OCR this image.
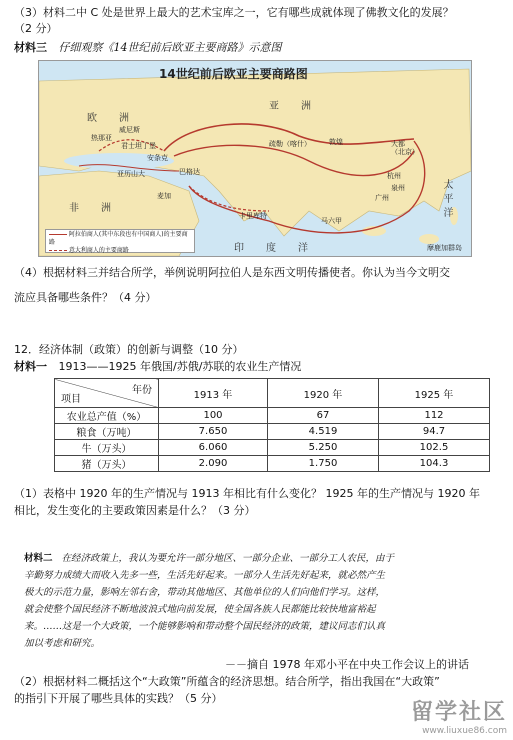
（3）材料二中 C 处是世界上最大的艺术宝库之一，它有哪些成就体现了佛教文化的发展？
（2 分）
材料三 仔细观察《14世纪前后欧亚主要商路》示意图
14世纪前后欧亚主要商路图
亚　洲
欧　洲
非　洲	太平洋
印　度　洋
威尼斯
热那亚
君士坦丁堡
亚历山大
安条克
巴格达
麦加
卡里库特
疏勒（喀什）	敦煌	大都
（北京）
杭州
泉州
广州
马六甲
摩鹿加群岛
阿拉伯商人(其中东段也有中国商人)的主要商路
意大利商人的主要商路
（4）根据材料三并结合所学，举例说明阿拉伯人是东西文明传播使者。你认为当今文明交
流应具备哪些条件？（4 分）
12．经济体制（政策）的创新与调整（10 分）
材料一 1913——1925 年俄国/苏俄/苏联的农业生产情况
年份
项目	1913 年	1920 年	1925 年
农业总产值（%）	100	67	112
粮食（万吨）	7.650	4.519	94.7
牛（万头）	6.060	5.250	102.5
猪（万头）	2.090	1.750	104.3
（1）表格中 1920 年的生产情况与 1913 年相比有什么变化？ 1925 年的生产情况与 1920 年
相比，发生变化的主要政策因素是什么？（3 分）
材料二 在经济政策上，我认为要允许一部分地区、一部分企业、一部分工人农民，由于
辛勤努力成绩大而收入先多一些，生活先好起来。一部分人生活先好起来，就必然产生
极大的示范力量，影响左邻右舍，带动其他地区、其他单位的人们向他们学习。这样，
就会使整个国民经济不断地波浪式地向前发展，使全国各族人民都能比较快地富裕起
来。……这是一个大政策，一个能够影响和带动整个国民经济的政策，建议同志们认真
加以考虑和研究。
－－摘自 1978 年邓小平在中央工作会议上的讲话
（2）根据材料二概括这个“大政策”所蕴含的经济思想。结合所学，指出我国在“大政策”
的指引下开展了哪些具体的实践？（5 分）
留学社区
www.liuxue86.com
